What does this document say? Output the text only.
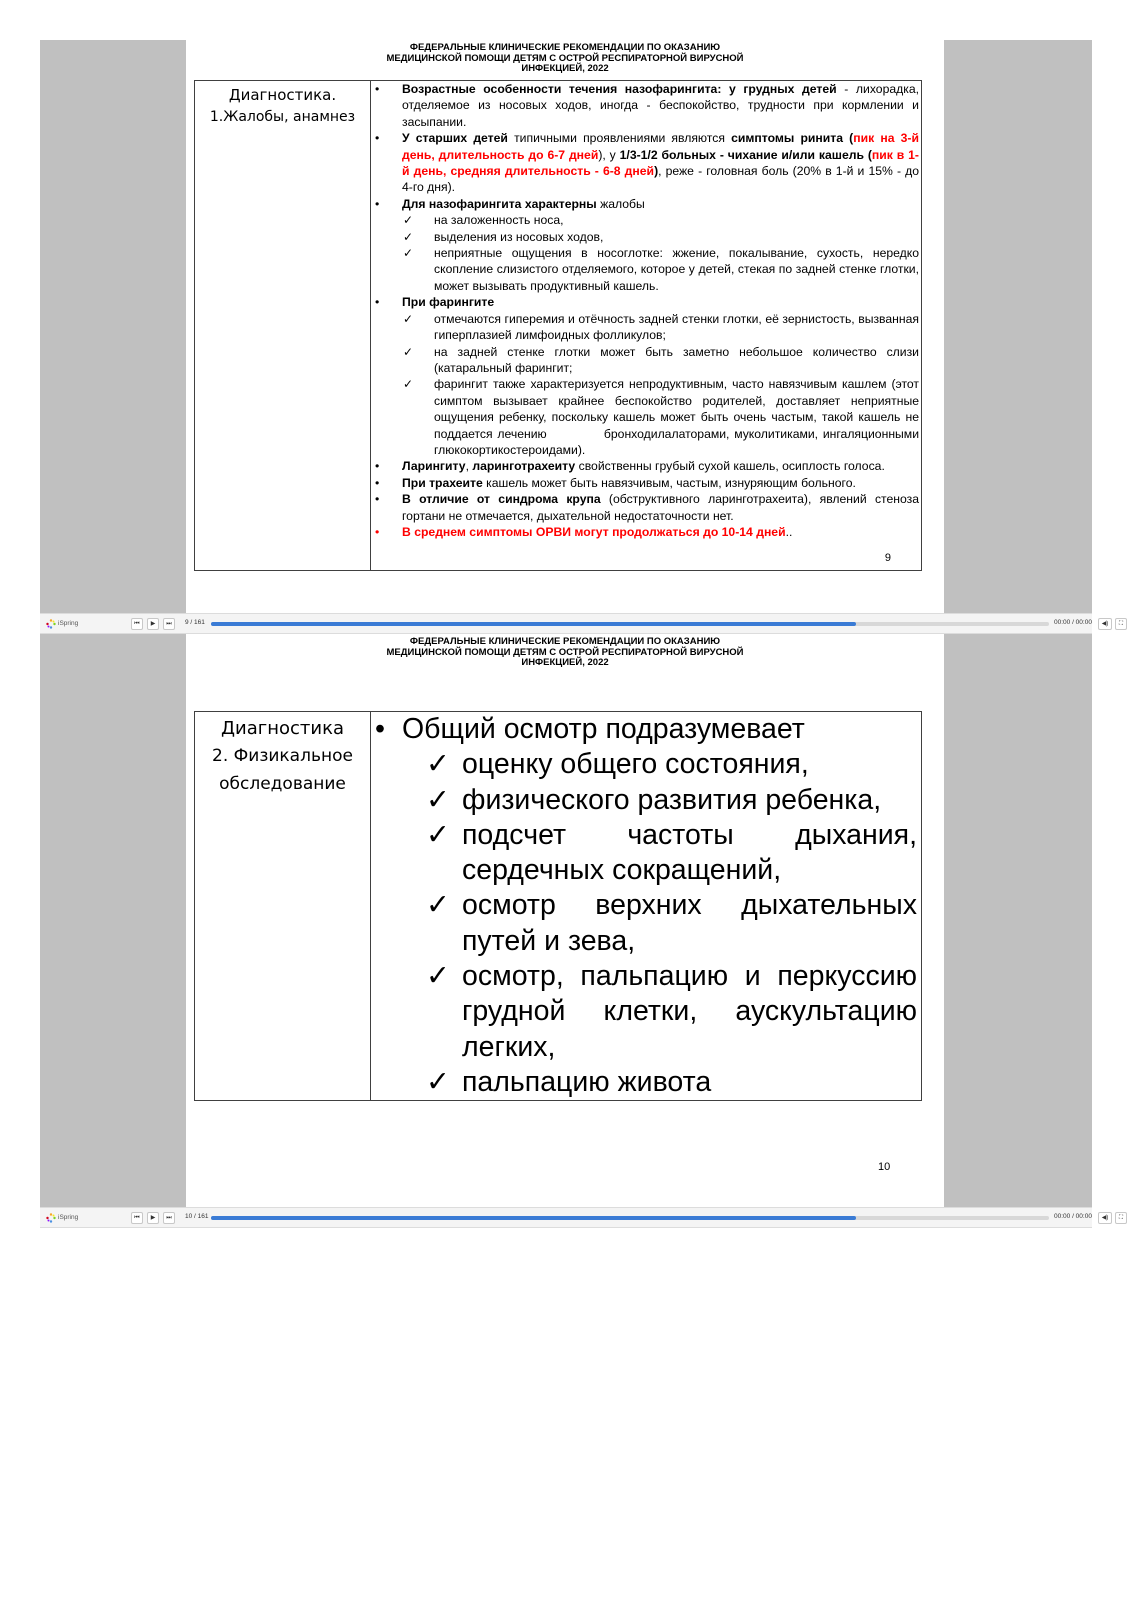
ФЕДЕРАЛЬНЫЕ КЛИНИЧЕСКИЕ РЕКОМЕНДАЦИИ ПО ОКАЗАНИЮ
МЕДИЦИНСКОЙ ПОМОЩИ ДЕТЯМ С ОСТРОЙ РЕСПИРАТОРНОЙ ВИРУСНОЙ
ИНФЕКЦИЕЙ, 2022
Диагностика.
1.Жалобы, анамнез
• Возрастные особенности течения назофарингита: у грудных детей - лихорадка, отделяемое из носовых ходов, иногда - беспокойство, трудности при кормлении и засыпании.
• У старших детей типичными проявлениями являются симптомы ринита (пик на 3-й день, длительность до 6-7 дней), у 1/3-1/2 больных - чихание и/или кашель (пик в 1- й день, средняя длительность - 6-8 дней), реже - головная боль (20% в 1-й и 15% - до 4-го дня).
• Для назофарингита характерны жалобы
✓ на заложенность носа,
✓ выделения из носовых ходов,
✓ неприятные ощущения в носоглотке: жжение, покалывание, сухость, нередко скопление слизистого отделяемого, которое у детей, стекая по задней стенке глотки, может вызывать продуктивный кашель.
• При фарингите
✓ отмечаются гиперемия и отёчность задней стенки глотки, её зернистость, вызванная гиперплазией лимфоидных фолликулов;
✓ на задней стенке глотки может быть заметно небольшое количество слизи (катаральный фарингит;
✓ фарингит также характеризуется непродуктивным, часто навязчивым кашлем (этот симптом вызывает крайнее беспокойство родителей, доставляет неприятные ощущения ребенку, поскольку кашель может быть очень частым, такой кашель не поддается лечению            бронходилалаторами, муколитиками, ингаляционными глюкокортикостероидами).
• Ларингиту, ларинготрахеиту свойственны грубый сухой кашель, осиплость голоса.
• При трахеите кашель может быть навязчивым, частым, изнуряющим больного.
• В отличие от синдрома крупа (обструктивного ларинготрахеита), явлений стеноза гортани не отмечается, дыхательной недостаточности нет.
• В среднем симптомы ОРВИ могут продолжаться до 10-14 дней..
9
iSpring	⏮	▶	⏭	9 / 161	00:00 / 00:00	◀)	⛶
ФЕДЕРАЛЬНЫЕ КЛИНИЧЕСКИЕ РЕКОМЕНДАЦИИ ПО ОКАЗАНИЮ
МЕДИЦИНСКОЙ ПОМОЩИ ДЕТЯМ С ОСТРОЙ РЕСПИРАТОРНОЙ ВИРУСНОЙ
ИНФЕКЦИЕЙ, 2022
Диагностика
2. Физикальное
обследование
• Общий осмотр подразумевает
✓ оценку общего состояния,
✓ физического развития ребенка,
✓ подсчет частоты дыхания, сердечных сокращений,
✓ осмотр верхних дыхательных путей и зева,
✓ осмотр, пальпацию и перкуссию грудной клетки, аускультацию легких,
✓ пальпацию живота
10
iSpring	⏮	▶	⏭	10 / 161	00:00 / 00:00	◀)	⛶
